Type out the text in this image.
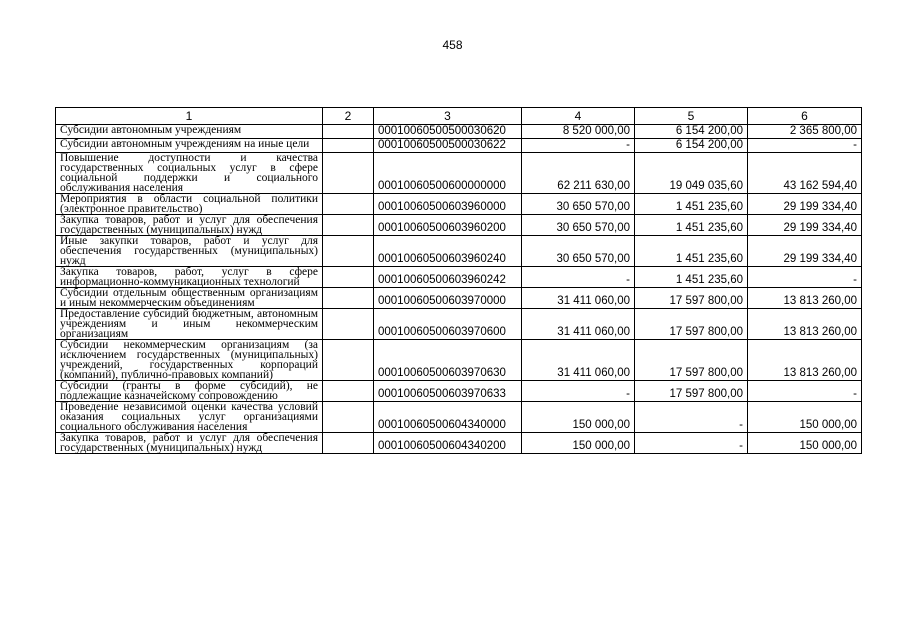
458
1	2	3	4	5	6
Субсидии автономным учреждениям		00010060500500030620	8 520 000,00	6 154 200,00	2 365 800,00
Субсидии автономным учреждениям на иные цели		00010060500500030622	-	6 154 200,00	-
Повышение доступности и качества государственных социальных услуг в сфере социальной поддержки и социального обслуживания населения		00010060500600000000	62 211 630,00	19 049 035,60	43 162 594,40
Мероприятия в области социальной политики (электронное правительство)		00010060500603960000	30 650 570,00	1 451 235,60	29 199 334,40
Закупка товаров, работ и услуг для обеспечения государственных (муниципальных) нужд		00010060500603960200	30 650 570,00	1 451 235,60	29 199 334,40
Иные закупки товаров, работ и услуг для обеспечения государственных (муниципальных) нужд		00010060500603960240	30 650 570,00	1 451 235,60	29 199 334,40
Закупка товаров, работ, услуг в сфере информационно-коммуникационных технологий		00010060500603960242	-	1 451 235,60	-
Субсидии отдельным общественным организациям и иным некоммерческим объединениям		00010060500603970000	31 411 060,00	17 597 800,00	13 813 260,00
Предоставление субсидий бюджетным, автономным учреждениям и иным некоммерческим организациям		00010060500603970600	31 411 060,00	17 597 800,00	13 813 260,00
Субсидии некоммерческим организациям (за исключением государственных (муниципальных) учреждений, государственных корпораций (компаний), публично-правовых компаний)		00010060500603970630	31 411 060,00	17 597 800,00	13 813 260,00
Субсидии (гранты в форме субсидий), не подлежащие казначейскому сопровождению		00010060500603970633	-	17 597 800,00	-
Проведение независимой оценки качества условий оказания социальных услуг организациями социального обслуживания населения		00010060500604340000	150 000,00	-	150 000,00
Закупка товаров, работ и услуг для обеспечения государственных (муниципальных) нужд		00010060500604340200	150 000,00	-	150 000,00
